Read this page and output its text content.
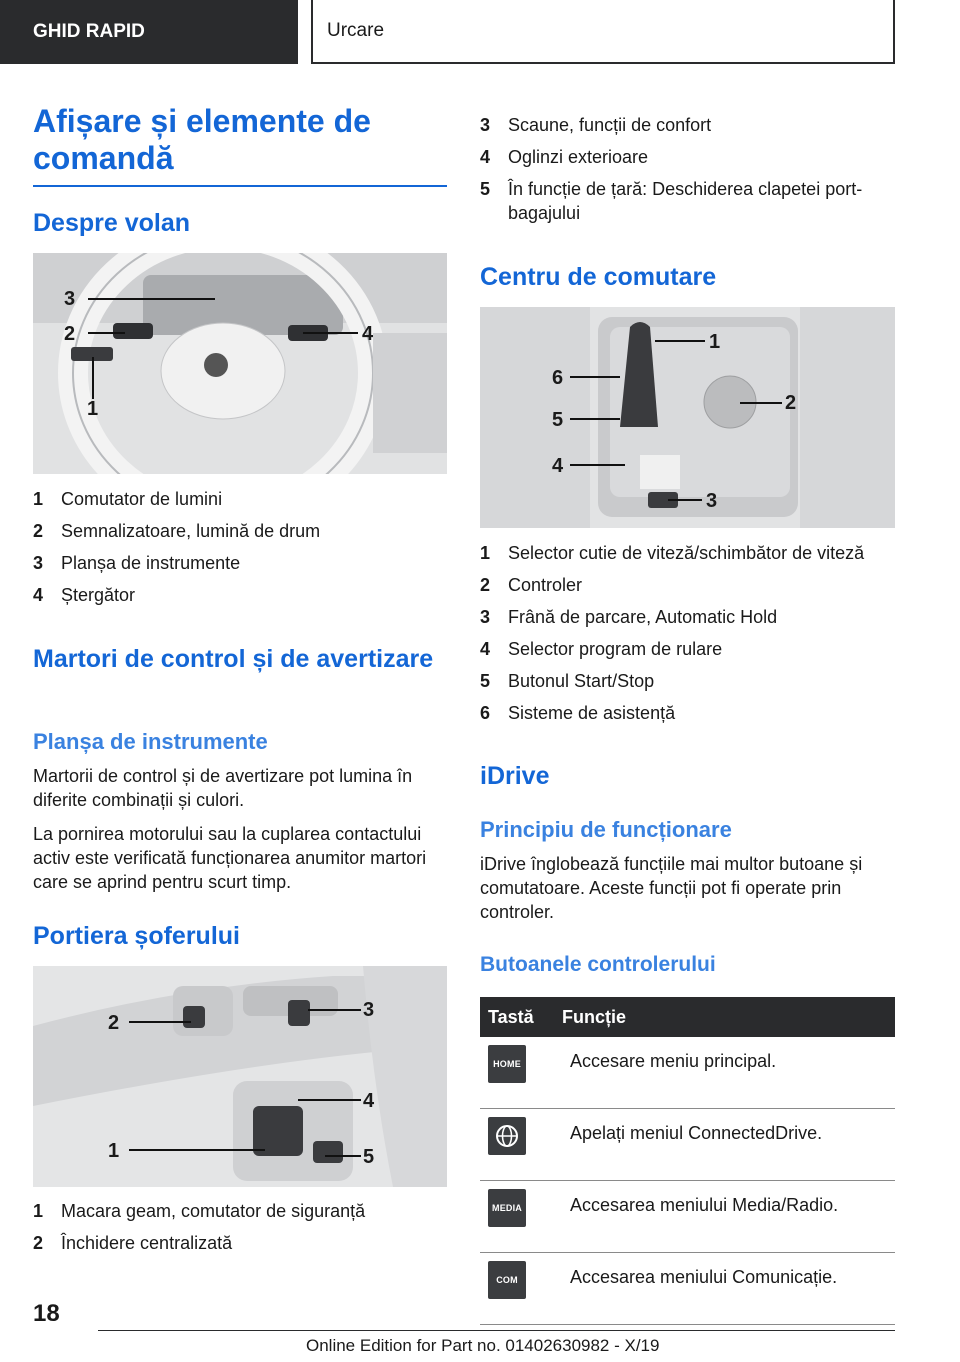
GHID RAPID	Urcare
Afișare și elemente de comandă
Despre volan
3
2
1
4
1 Comutator de lumini
2 Semnalizatoare, lumină de drum
3 Planșa de instrumente
4 Ștergător
Martori de control și de avertizare
Planșa de instrumente

Martorii de control și de avertizare pot lumina în diferite combinații și culori.

La pornirea motorului sau la cuplarea contactului activ este verificată funcționarea anumitor martori care se aprind pentru scurt timp.

Portiera șoferului
1
2
3
4
5
1 Macara geam, comutator de siguranță
2 Închidere centralizată
3 Scaune, funcții de confort
4 Oglinzi exterioare
5 În funcție de țară: Deschiderea clapetei port-bagajului
Centru de comutare
1
2
3
4
5
6
1 Selector cutie de viteză/schimbător de viteză
2 Controler
3 Frână de parcare, Automatic Hold
4 Selector program de rulare
5 Butonul Start/Stop
6 Sisteme de asistență
iDrive
Principiu de funcționare

iDrive înglobează funcțiile mai multor butoane și comutatoare. Aceste funcții pot fi operate prin controler.

Butoanele controlerului
Tastă	Funcție

HOME	Accesare meniu principal.

	Apelați meniul ConnectedDrive.

MEDIA	Accesarea meniului Media/Radio.

COM	Accesarea meniului Comunicație.
18
Online Edition for Part no. 01402630982 - X/19
